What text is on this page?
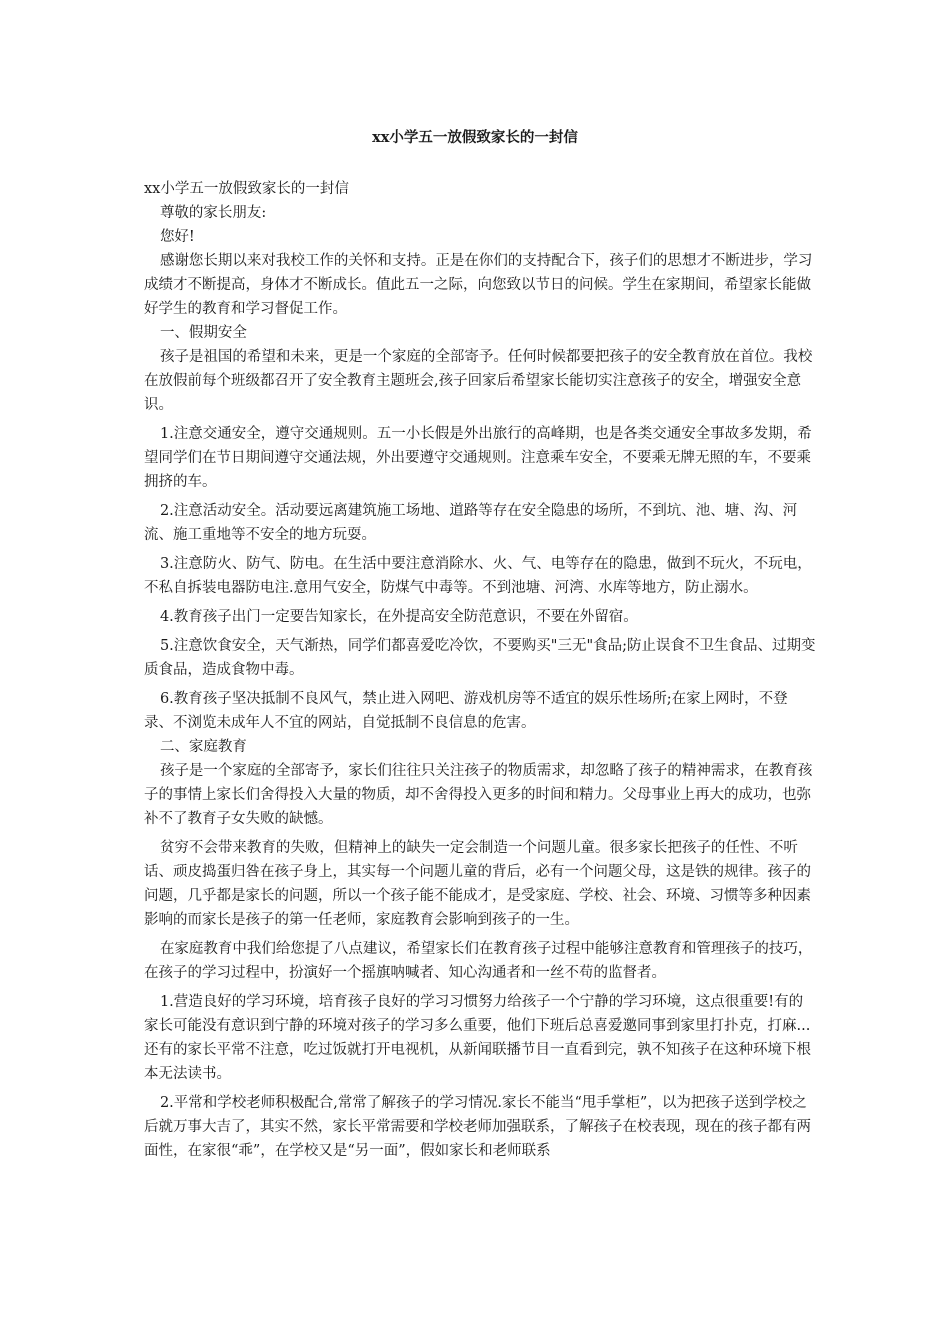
xx小学五一放假致家长的一封信

xx小学五一放假致家长的一封信

尊敬的家长朋友:

您好!

感谢您长期以来对我校工作的关怀和支持。正是在你们的支持配合下，孩子们的思想才不断进步，学习成绩才不断提高，身体才不断成长。值此五一之际，向您致以节日的问候。学生在家期间，希望家长能做好学生的教育和学习督促工作。

一、假期安全

孩子是祖国的希望和未来，更是一个家庭的全部寄予。任何时候都要把孩子的安全教育放在首位。我校在放假前每个班级都召开了安全教育主题班会,孩子回家后希望家长能切实注意孩子的安全，增强安全意识。

1.注意交通安全，遵守交通规则。五一小长假是外出旅行的高峰期，也是各类交通安全事故多发期，希望同学们在节日期间遵守交通法规，外出要遵守交通规则。注意乘车安全，不要乘无牌无照的车，不要乘拥挤的车。

2.注意活动安全。活动要远离建筑施工场地、道路等存在安全隐患的场所，不到坑、池、塘、沟、河流、施工重地等不安全的地方玩耍。

3.注意防火、防气、防电。在生活中要注意消除水、火、气、电等存在的隐患，做到不玩火，不玩电，不私自拆装电器防电注.意用气安全，防煤气中毒等。不到池塘、河湾、水库等地方，防止溺水。

4.教育孩子出门一定要告知家长，在外提高安全防范意识，不要在外留宿。

5.注意饮食安全，天气渐热，同学们都喜爱吃冷饮，不要购买"三无"食品;防止误食不卫生食品、过期变质食品，造成食物中毒。

6.教育孩子坚决抵制不良风气，禁止进入网吧、游戏机房等不适宜的娱乐性场所;在家上网时，不登录、不浏览未成年人不宜的网站，自觉抵制不良信息的危害。

二、家庭教育

孩子是一个家庭的全部寄予，家长们往往只关注孩子的物质需求，却忽略了孩子的精神需求，在教育孩子的事情上家长们舍得投入大量的物质，却不舍得投入更多的时间和精力。父母事业上再大的成功，也弥补不了教育子女失败的缺憾。

贫穷不会带来教育的失败，但精神上的缺失一定会制造一个问题儿童。很多家长把孩子的任性、不听话、顽皮捣蛋归咎在孩子身上，其实每一个问题儿童的背后，必有一个问题父母，这是铁的规律。孩子的问题，几乎都是家长的问题，所以一个孩子能不能成才，是受家庭、学校、社会、环境、习惯等多种因素影响的而家长是孩子的第一任老师，家庭教育会影响到孩子的一生。

在家庭教育中我们给您提了八点建议，希望家长们在教育孩子过程中能够注意教育和管理孩子的技巧，在孩子的学习过程中，扮演好一个摇旗呐喊者、知心沟通者和一丝不苟的监督者。

1.营造良好的学习环境，培育孩子良好的学习习惯努力给孩子一个宁静的学习环境，这点很重要!有的家长可能没有意识到宁静的环境对孩子的学习多么重要，他们下班后总喜爱邀同事到家里打扑克，打麻...还有的家长平常不注意，吃过饭就打开电视机，从新闻联播节目一直看到完，孰不知孩子在这种环境下根本无法读书。

2.平常和学校老师积极配合,常常了解孩子的学习情况.家长不能当“甩手掌柜”，以为把孩子送到学校之后就万事大吉了，其实不然，家长平常需要和学校老师加强联系，了解孩子在校表现，现在的孩子都有两面性，在家很“乖”，在学校又是“另一面”，假如家长和老师联系
